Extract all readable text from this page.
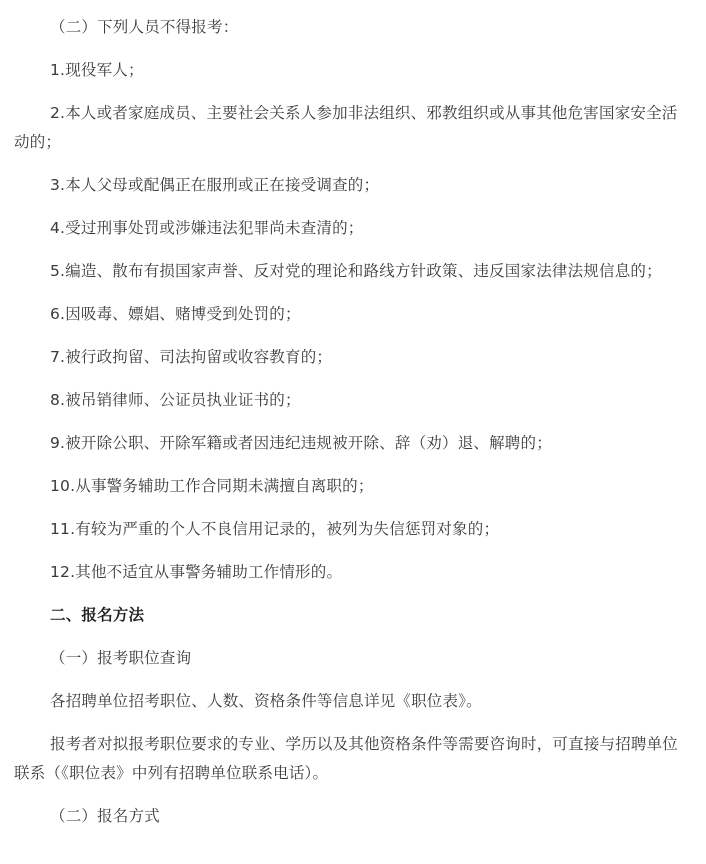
（二）下列人员不得报考：

1.现役军人；

2.本人或者家庭成员、主要社会关系人参加非法组织、邪教组织或从事其他危害国家安全活动的；

3.本人父母或配偶正在服刑或正在接受调查的；

4.受过刑事处罚或涉嫌违法犯罪尚未查清的；

5.编造、散布有损国家声誉、反对党的理论和路线方针政策、违反国家法律法规信息的；

6.因吸毒、嫖娼、赌博受到处罚的；

7.被行政拘留、司法拘留或收容教育的；

8.被吊销律师、公证员执业证书的；

9.被开除公职、开除军籍或者因违纪违规被开除、辞（劝）退、解聘的；

10.从事警务辅助工作合同期未满擅自离职的；

11.有较为严重的个人不良信用记录的，被列为失信惩罚对象的；

12.其他不适宜从事警务辅助工作情形的。

二、报名方法

（一）报考职位查询

各招聘单位招考职位、人数、资格条件等信息详见《职位表》。

报考者对拟报考职位要求的专业、学历以及其他资格条件等需要咨询时，可直接与招聘单位联系（《职位表》中列有招聘单位联系电话）。

（二）报名方式
